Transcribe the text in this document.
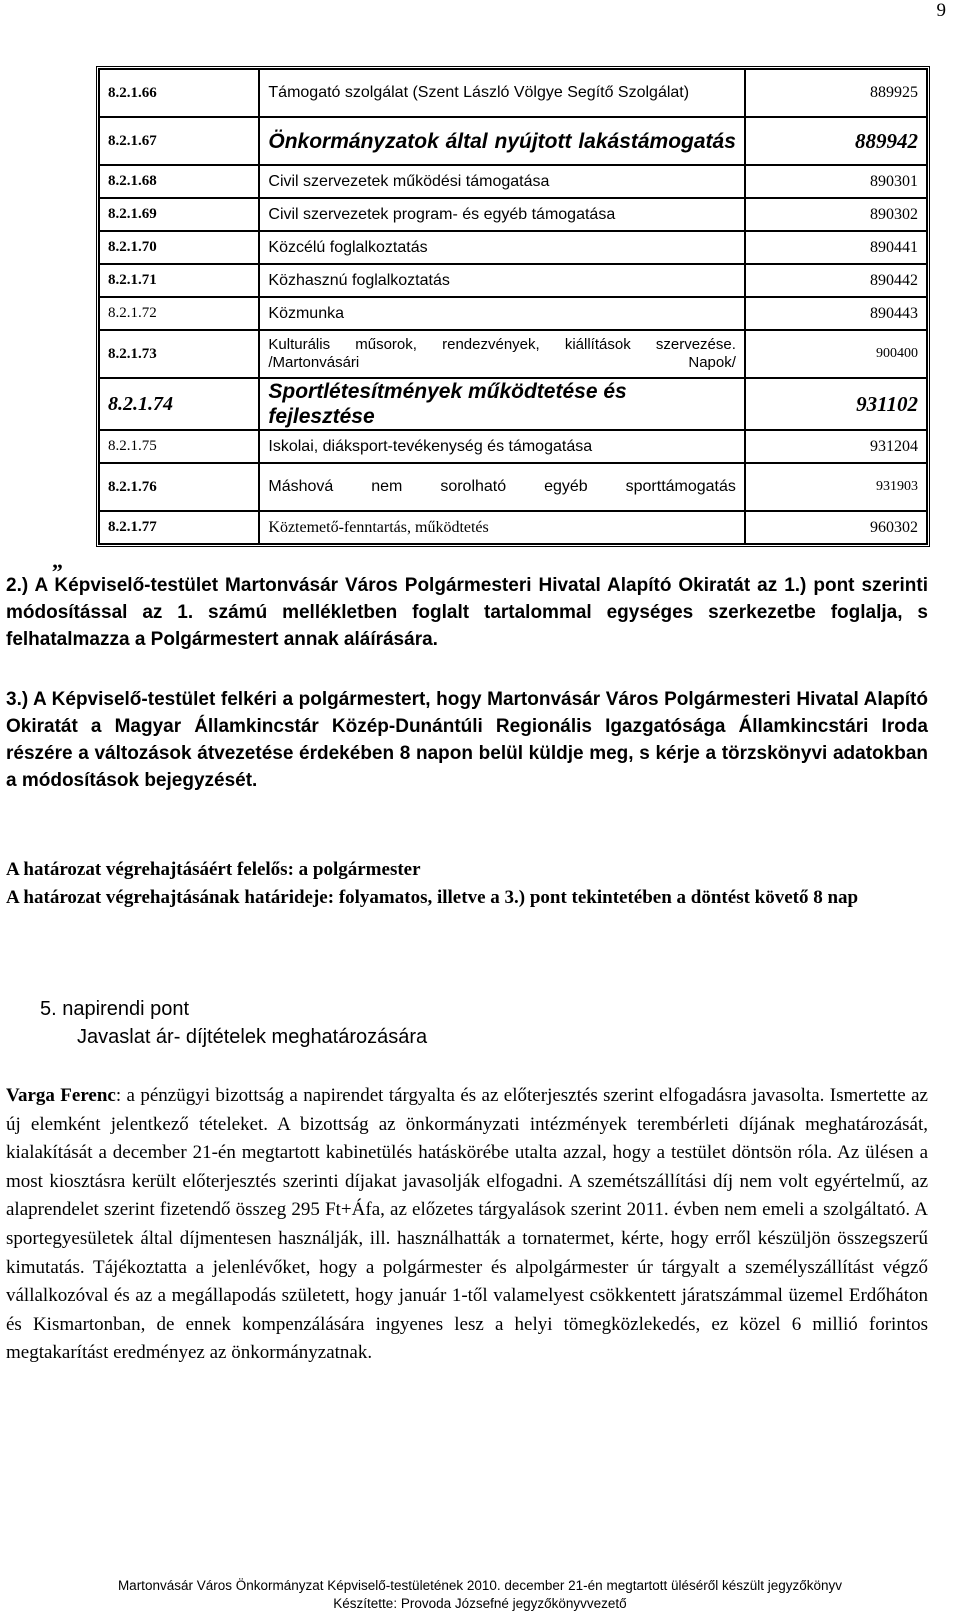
9
8.2.1.66	Támogató szolgálat (Szent László Völgye Segítő Szolgálat)	889925
8.2.1.67	Önkormányzatok által nyújtott lakástámogatás	889942
8.2.1.68	Civil szervezetek működési támogatása	890301
8.2.1.69	Civil szervezetek program- és egyéb támogatása	890302
8.2.1.70	Közcélú foglalkoztatás	890441
8.2.1.71	Közhasznú foglalkoztatás	890442
8.2.1.72	Közmunka	890443
8.2.1.73	Kulturális műsorok, rendezvények, kiállítások szervezése. /Martonvásári Napok/	900400
8.2.1.74	Sportlétesítmények működtetése és fejlesztése	931102
8.2.1.75	Iskolai, diáksport-tevékenység és támogatása	931204
8.2.1.76	Máshová nem sorolható egyéb sporttámogatás	931903
8.2.1.77	Köztemető-fenntartás, működtetés	960302
„
2.) A Képviselő-testület Martonvásár Város Polgármesteri Hivatal Alapító Okiratát az 1.) pont szerinti módosítással az 1. számú mellékletben foglalt tartalommal egységes szerkezetbe foglalja, s felhatalmazza a Polgármestert annak aláírására.
3.) A Képviselő-testület felkéri a polgármestert, hogy Martonvásár Város Polgármesteri Hivatal Alapító Okiratát a Magyar Államkincstár Közép-Dunántúli Regionális Igazgatósága Államkincstári Iroda részére a változások átvezetése érdekében 8 napon belül küldje meg, s kérje a törzskönyvi adatokban a módosítások bejegyzését.
A határozat végrehajtásáért felelős: a polgármester
A határozat végrehajtásának határideje: folyamatos, illetve a 3.) pont tekintetében a döntést követő 8 nap
5. napirendi pont
Javaslat ár- díjtételek meghatározására
Varga Ferenc: a pénzügyi bizottság a napirendet tárgyalta és az előterjesztés szerint elfogadásra javasolta. Ismertette az új elemként jelentkező tételeket. A bizottság az önkormányzati intézmények terembérleti díjának meghatározását, kialakítását a december 21-én megtartott kabinetülés hatáskörébe utalta azzal, hogy a testület döntsön róla. Az ülésen a most kiosztásra került előterjesztés szerinti díjakat javasolják elfogadni. A szemétszállítási díj nem volt egyértelmű, az alaprendelet szerint fizetendő összeg 295 Ft+Áfa, az előzetes tárgyalások szerint 2011. évben nem emeli a szolgáltató. A sportegyesületek által díjmentesen használják, ill. használhatták a tornatermet, kérte, hogy erről készüljön összegszerű kimutatás. Tájékoztatta a jelenlévőket, hogy a polgármester és alpolgármester úr tárgyalt a személyszállítást végző vállalkozóval és az a megállapodás született, hogy január 1-től valamelyest csökkentett járatszámmal üzemel Erdőháton és Kismartonban, de ennek kompenzálására ingyenes lesz a helyi tömegközlekedés, ez közel 6 millió forintos megtakarítást eredményez az önkormányzatnak.
Martonvásár Város Önkormányzat Képviselő-testületének 2010. december 21-én megtartott üléséről készült jegyzőkönyv
Készítette: Provoda Józsefné jegyzőkönyvvezető
